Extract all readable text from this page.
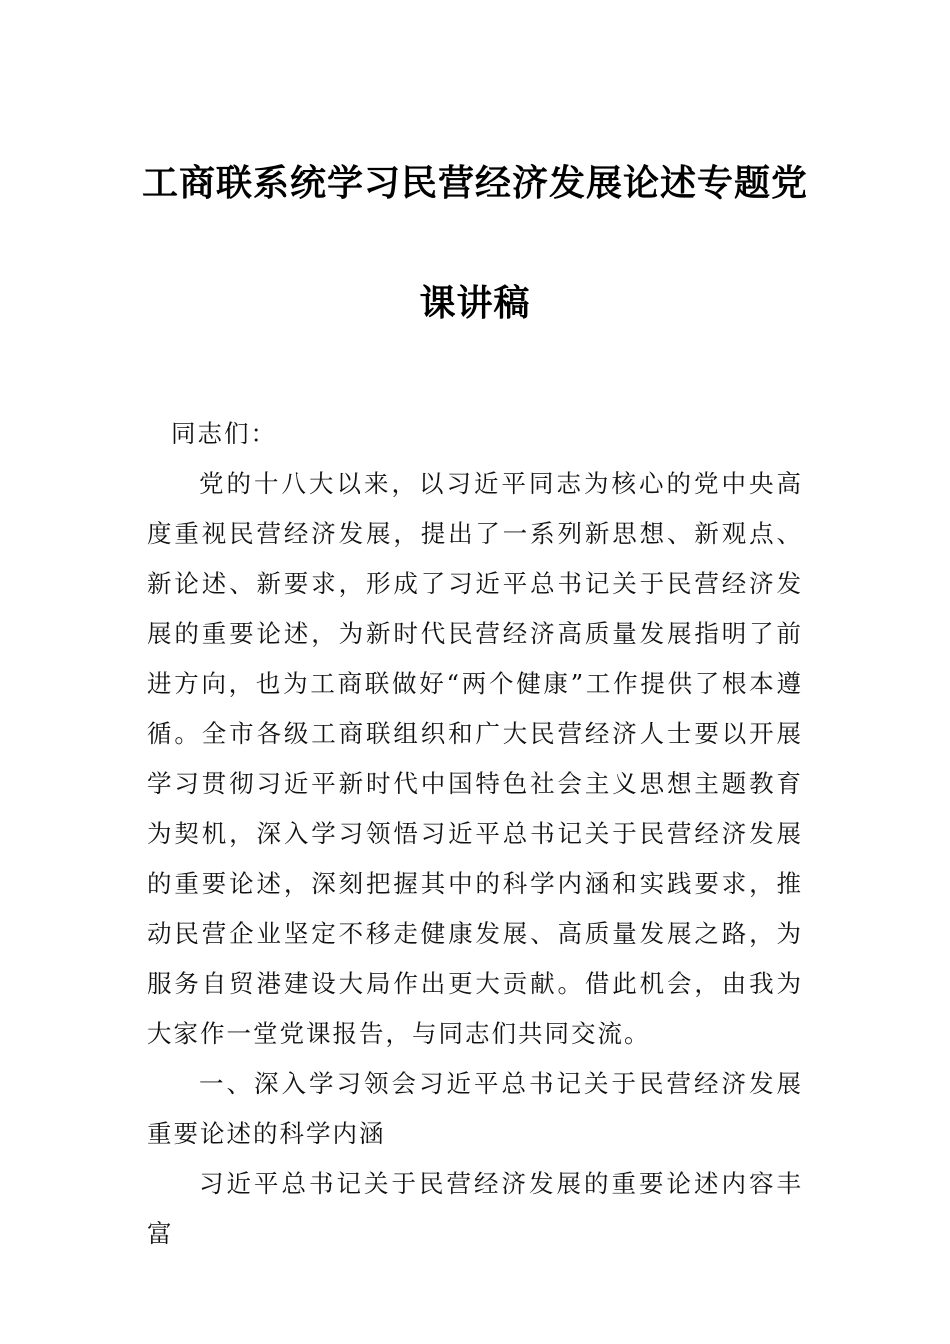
工商联系统学习民营经济发展论述专题党
课讲稿

同志们：

党的十八大以来，以习近平同志为核心的党中央高度重视民营经济发展，提出了一系列新思想、新观点、新论述、新要求，形成了习近平总书记关于民营经济发展的重要论述，为新时代民营经济高质量发展指明了前进方向，也为工商联做好“两个健康”工作提供了根本遵循。全市各级工商联组织和广大民营经济人士要以开展学习贯彻习近平新时代中国特色社会主义思想主题教育为契机，深入学习领悟习近平总书记关于民营经济发展的重要论述，深刻把握其中的科学内涵和实践要求，推动民营企业坚定不移走健康发展、高质量发展之路，为服务自贸港建设大局作出更大贡献。借此机会，由我为大家作一堂党课报告，与同志们共同交流。

一、深入学习领会习近平总书记关于民营经济发展重要论述的科学内涵

习近平总书记关于民营经济发展的重要论述内容丰富
